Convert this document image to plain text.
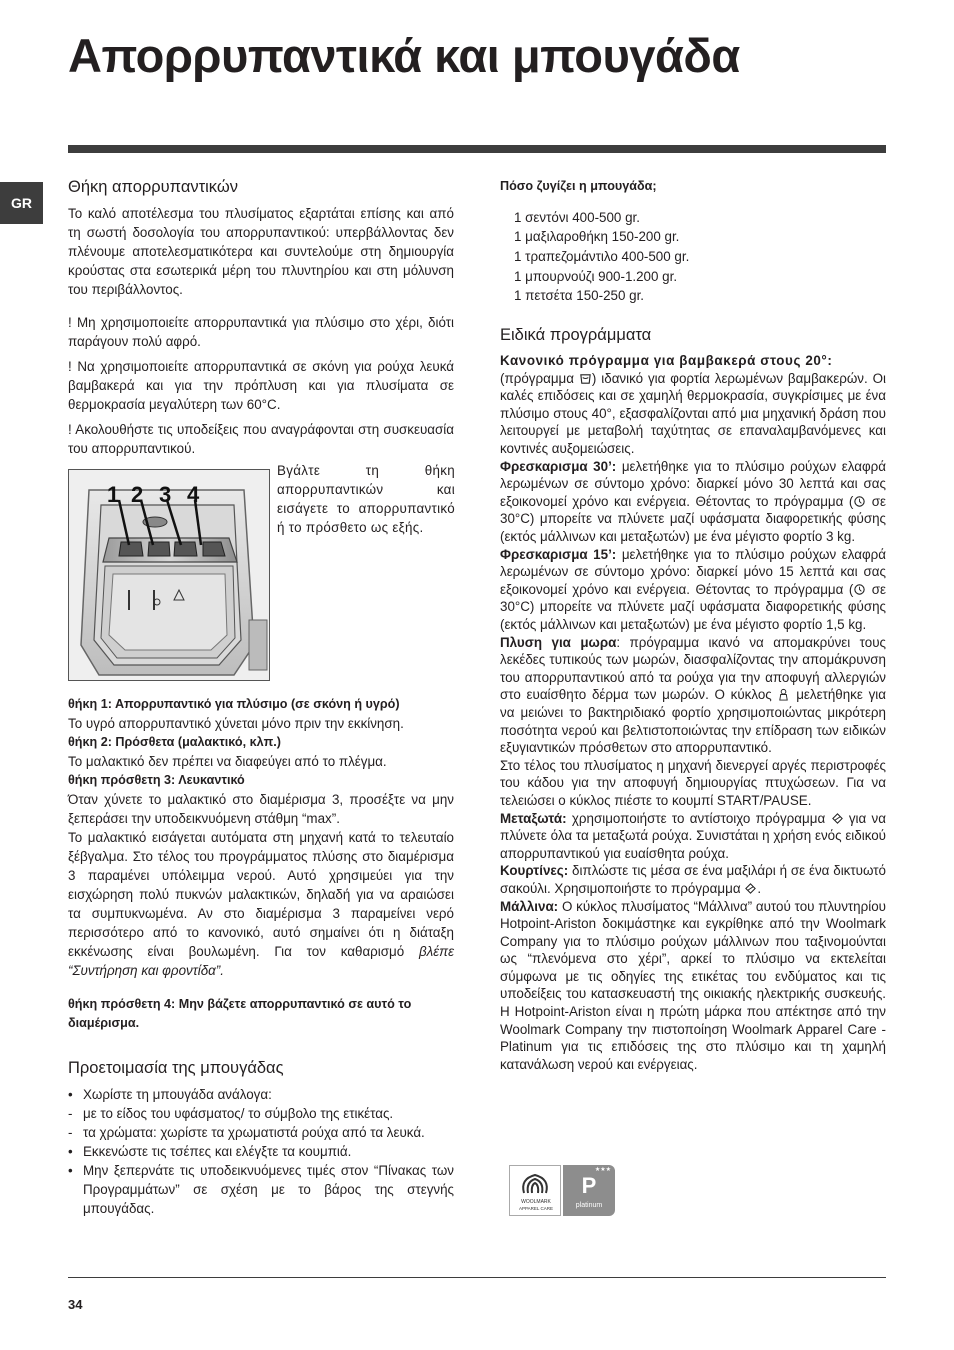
Απορρυπαντικά και μπουγάδα
GR
Θήκη απορρυπαντικών

Το καλό αποτέλεσμα του πλυσίματος εξαρτάται επίσης και από τη σωστή δοσολογία του απορρυπαντικού: υπερβάλλοντας δεν πλένουμε αποτελεσματικότερα και συντελούμε στη δημιουργία κρούστας στα εσωτερικά μέρη του πλυντηρίου και στη μόλυνση του περιβάλλοντος.

! Μη χρησιμοποιείτε απορρυπαντικά για πλύσιμο στο χέρι, διότι παράγουν πολύ αφρό.

! Να χρησιμοποιείτε απορρυπαντικά σε σκόνη για ρούχα λευκά βαμβακερά και για την πρόπλυση και για πλυσίματα σε θερμοκρασία μεγαλύτερη των 60°C.

! Ακολουθήστε τις υποδείξεις που αναγράφονται στη συσκευασία του απορρυπαντικού.

1 2 3 4

Βγάλτε τη θήκη απορρυπαντικών και εισάγετε το απορρυπαντικό ή το πρόσθετο ως εξής.

θήκη 1: Απορρυπαντικό για πλύσιμο (σε σκόνη ή υγρό)

Το υγρό απορρυπαντικό χύνεται μόνο πριν την εκκίνηση.

θήκη 2: Πρόσθετα (μαλακτικό, κλπ.)

Το μαλακτικό δεν πρέπει να διαφεύγει από το πλέγμα.

θήκη πρόσθετη 3: Λευκαντικό

Όταν χύνετε το μαλακτικό στο διαμέρισμα 3, προσέξτε να μην ξεπεράσει την υποδεικνυόμενη στάθμη “max”.

Το μαλακτικό εισάγεται αυτόματα στη μηχανή κατά το τελευταίο ξέβγαλμα. Στο τέλος του προγράμματος πλύσης στο διαμέρισμα 3 παραμένει υπόλειμμα νερού. Αυτό χρησιμεύει για την εισχώρηση πολύ πυκνών μαλακτικών, δηλαδή για να αραιώσει τα συμπυκνωμένα. Αν στο διαμέρισμα 3 παραμείνει νερό περισσότερο από το κανονικό, αυτό σημαίνει ότι η διάταξη εκκένωσης είναι βουλωμένη. Για τον καθαρισμό βλέπε “Συντήρηση και φροντίδα”.

θήκη πρόσθετη 4: Μην βάζετε απορρυπαντικό σε αυτό το διαμέρισμα.
Προετοιμασία της μπουγάδας
• Χωρίστε τη μπουγάδα ανάλογα:
- με το είδος του υφάσματος/ το σύμβολο της ετικέτας.
- τα χρώματα: χωρίστε τα χρωματιστά ρούχα από τα λευκά.
• Εκκενώστε τις τσέπες και ελέγξτε τα κουμπιά.
• Μην ξεπερνάτε τις υποδεικνυόμενες τιμές στον “Πίνακας των Προγραμμάτων” σε σχέση με το βάρος της στεγνής μπουγάδας.
Πόσο ζυγίζει η μπουγάδα;
1 σεντόνι 400-500 gr.
1 μαξιλαροθήκη 150-200 gr.
1 τραπεζομάντιλο 400-500 gr.
1 μπουρνούζι 900-1.200 gr.
1 πετσέτα 150-250 gr.
Ειδικά προγράμματα

Κανονικό πρόγραμμα για βαμβακερά στους 20°:
(πρόγραμμα ) ιδανικό για φορτία λερωμένων βαμβακερών. Οι καλές επιδόσεις και σε χαμηλή θερμοκρασία, συγκρίσιμες με ένα πλύσιμο στους 40°, εξασφαλίζονται από μια μηχανική δράση που λειτουργεί με μεταβολή ταχύτητας σε επαναλαμβανόμενες και κοντινές αυξομειώσεις.

Φρεσκαρισμα 30’: μελετήθηκε για το πλύσιμο ρούχων ελαφρά λερωμένων σε σύντομο χρόνο: διαρκεί μόνο 30 λεπτά και σας εξοικονομεί χρόνο και ενέργεια. Θέτοντας το πρόγραμμα ( σε 30°C) μπορείτε να πλύνετε μαζί υφάσματα διαφορετικής φύσης (εκτός μάλλινων και μεταξωτών) με ένα μέγιστο φορτίο 3 kg.

Φρεσκαρισμα 15’: μελετήθηκε για το πλύσιμο ρούχων ελαφρά λερωμένων σε σύντομο χρόνο: διαρκεί μόνο 15 λεπτά και σας εξοικονομεί χρόνο και ενέργεια. Θέτοντας το πρόγραμμα ( σε 30°C) μπορείτε να πλύνετε μαζί υφάσματα διαφορετικής φύσης (εκτός μάλλινων και μεταξωτών) με ένα μέγιστο φορτίο 1,5 kg.

Πλυση για μωρα: πρόγραμμα ικανό να απομακρύνει τους λεκέδες τυπικούς των μωρών, διασφαλίζοντας την απομάκρυνση του απορρυπαντικού από τα ρούχα για την αποφυγή αλλεργιών στο ευαίσθητο δέρμα των μωρών. Ο κύκλος μελετήθηκε για να μειώνει το βακτηριδιακό φορτίο χρησιμοποιώντας μικρότερη ποσότητα νερού και βελτιστοποιώντας την επίδραση των ειδικών εξυγιαντικών πρόσθετων στο απορρυπαντικό.

Στο τέλος του πλυσίματος η μηχανή διενεργεί αργές περιστροφές του κάδου για την αποφυγή δημιουργίας πτυχώσεων. Για να τελειώσει ο κύκλος πιέστε το κουμπί START/PAUSE.

Μεταξωτά: χρησιμοποιήστε το αντίστοιχο πρόγραμμα για να πλύνετε όλα τα μεταξωτά ρούχα. Συνιστάται η χρήση ενός ειδικού απορρυπαντικού για ευαίσθητα ρούχα.

Κουρτίνες: διπλώστε τις μέσα σε ένα μαξιλάρι ή σε ένα δικτυωτό σακούλι. Χρησιμοποιήστε το πρόγραμμα .

Μάλλινα: Ο κύκλος πλυσίματος “Μάλλινα” αυτού του πλυντηρίου Hotpoint-Ariston δοκιμάστηκε και εγκρίθηκε από την Woolmark Company για το πλύσιμο ρούχων μάλλινων που ταξινομούνται ως “πλενόμενα στο χέρι”, αρκεί το πλύσιμο να εκτελείται σύμφωνα με τις οδηγίες της ετικέτας του ενδύματος και τις υποδείξεις του κατασκευαστή της οικιακής ηλεκτρικής συσκευής. Η Hotpoint-Ariston είναι η πρώτη μάρκα που απέκτησε από την Woolmark Company την πιστοποίηση Woolmark Apparel Care - Platinum για τις επιδόσεις της στο πλύσιμο και τη χαμηλή κατανάλωση νερού και ενέργειας.

WOOLMARK
APPAREL CARE
★★★
P
platinum
34
